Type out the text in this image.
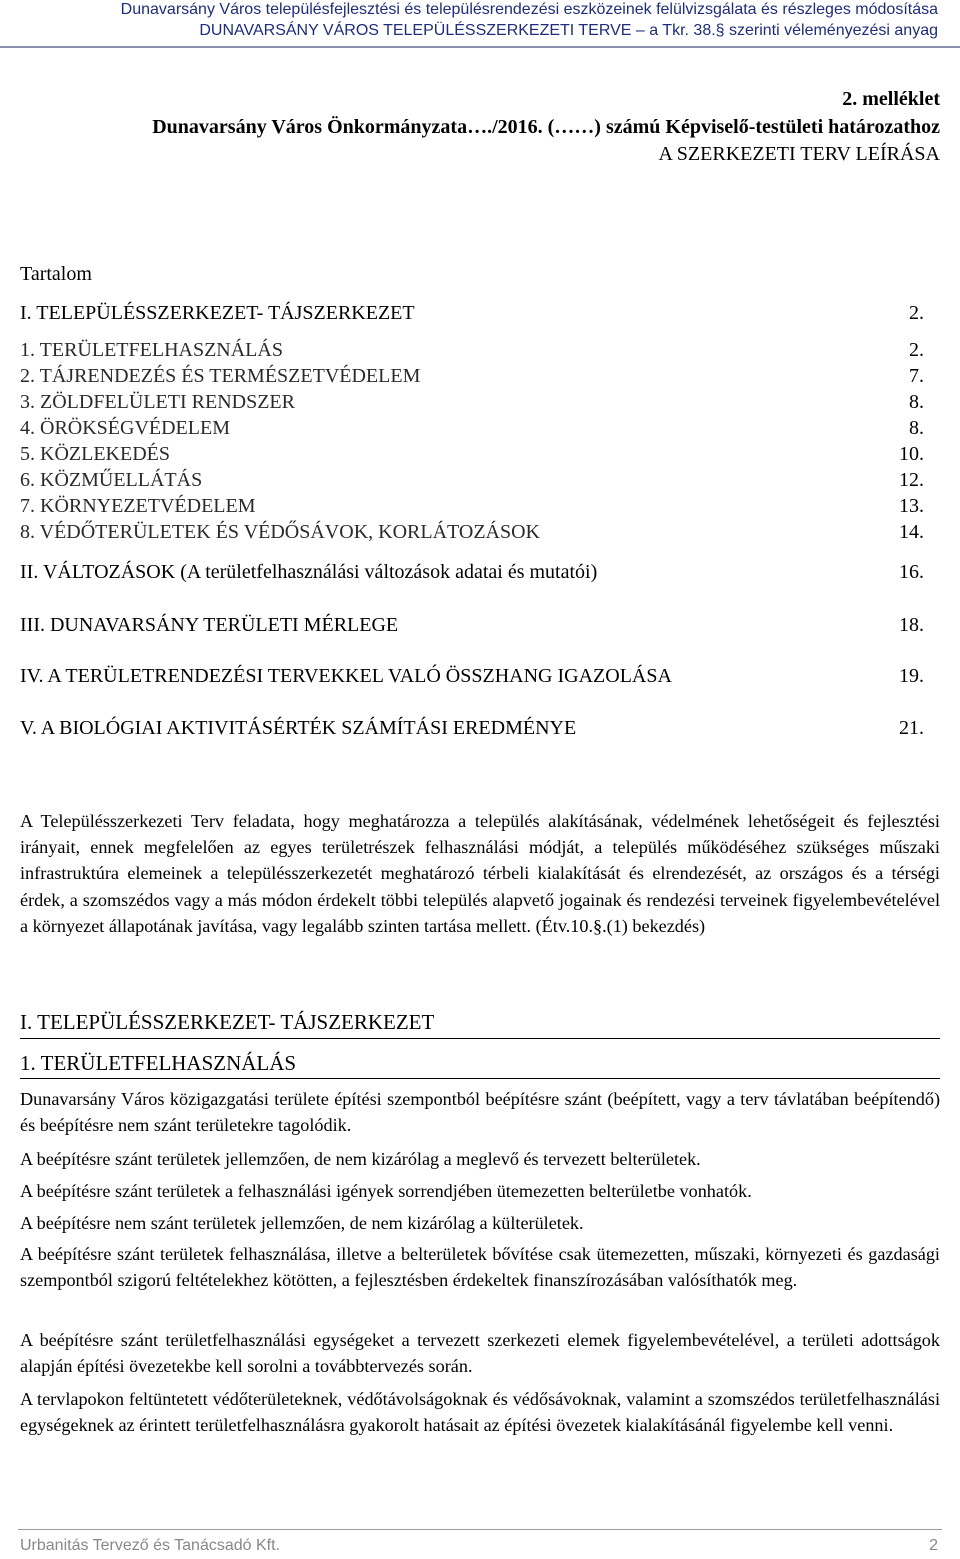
Dunavarsány Város településfejlesztési és településrendezési eszközeinek felülvizsgálata és részleges módosítása
DUNAVARSÁNY VÁROS TELEPÜLÉSSZERKEZETI TERVE – a Tkr. 38.§ szerinti véleményezési anyag
2. melléklet
Dunavarsány Város Önkormányzata…./2016. (……) számú Képviselő-testületi határozathoz
A SZERKEZETI TERV LEÍRÁSA
Tartalom
I. TELEPÜLÉSSZERKEZET- TÁJSZERKEZET	2.
1. TERÜLETFELHASZNÁLÁS	2.
2. TÁJRENDEZÉS ÉS TERMÉSZETVÉDELEM	7.
3. ZÖLDFELÜLETI RENDSZER	8.
4. ÖRÖKSÉGVÉDELEM	8.
5. KÖZLEKEDÉS	10.
6. KÖZMŰELLÁTÁS	12.
7. KÖRNYEZETVÉDELEM	13.
8. VÉDŐTERÜLETEK ÉS VÉDŐSÁVOK, KORLÁTOZÁSOK	14.
II. VÁLTOZÁSOK (A területfelhasználási változások adatai és mutatói)	16.
III. DUNAVARSÁNY TERÜLETI MÉRLEGE	18.
IV. A TERÜLETRENDEZÉSI TERVEKKEL VALÓ ÖSSZHANG IGAZOLÁSA	19.
V. A BIOLÓGIAI AKTIVITÁSÉRTÉK SZÁMÍTÁSI EREDMÉNYE	21.
A Településszerkezeti Terv feladata, hogy meghatározza a település alakításának, védelmének lehetőségeit és fejlesztési irányait, ennek megfelelően az egyes területrészek felhasználási módját, a település működéséhez szükséges műszaki infrastruktúra elemeinek a településszerkezetét meghatározó térbeli kialakítását és elrendezését, az országos és a térségi érdek, a szomszédos vagy a más módon érdekelt többi település alapvető jogainak és rendezési terveinek figyelembevételével a környezet állapotának javítása, vagy legalább szinten tartása mellett. (Étv.10.§.(1) bekezdés)
I. TELEPÜLÉSSZERKEZET- TÁJSZERKEZET
1. TERÜLETFELHASZNÁLÁS
Dunavarsány Város közigazgatási területe építési szempontból beépítésre szánt (beépített, vagy a terv távlatában beépítendő) és beépítésre nem szánt területekre tagolódik.
A beépítésre szánt területek jellemzően, de nem kizárólag a meglevő és tervezett belterületek.
A beépítésre szánt területek a felhasználási igények sorrendjében ütemezetten belterületbe vonhatók.
A beépítésre nem szánt területek jellemzően, de nem kizárólag a külterületek.
A beépítésre szánt területek felhasználása, illetve a belterületek bővítése csak ütemezetten, műszaki, környezeti és gazdasági szempontból szigorú feltételekhez kötötten, a fejlesztésben érdekeltek finanszírozásában valósíthatók meg.
A beépítésre szánt területfelhasználási egységeket a tervezett szerkezeti elemek figyelembevételével, a területi adottságok alapján építési övezetekbe kell sorolni a továbbtervezés során.
A tervlapokon feltüntetett védőterületeknek, védőtávolságoknak és védősávoknak, valamint a szomszédos területfelhasználási egységeknek az érintett területfelhasználásra gyakorolt hatásait az építési övezetek kialakításánál figyelembe kell venni.
Urbanitás Tervező és Tanácsadó Kft.	2
